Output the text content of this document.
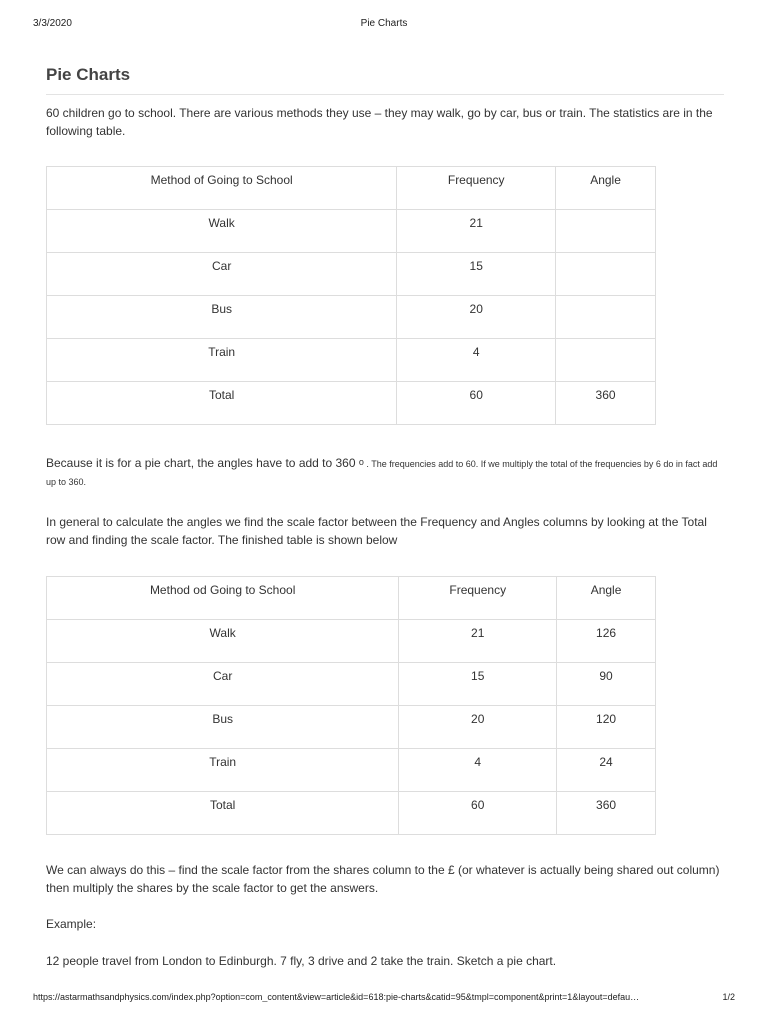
3/3/2020	Pie Charts
Pie Charts

60 children go to school. There are various methods they use – they may walk, go by car, bus or train. The statistics are in the following table.

Method of Going to School	Frequency	Angle
Walk	21	
Car	15	
Bus	20	
Train	4	
Total	60	360

Because it is for a pie chart, the angles have to add to 360 o . The frequencies add to 60. If we multiply the total of the frequencies by 6 do in fact add up to 360.

In general to calculate the angles we find the scale factor between the Frequency and Angles columns by looking at the Total row and finding the scale factor. The finished table is shown below

Method od Going to School	Frequency	Angle
Walk	21	126
Car	15	90
Bus	20	120
Train	4	24
Total	60	360

We can always do this – find the scale factor from the shares column to the £ (or whatever is actually being shared out column) then multiply the shares by the scale factor to get the answers.

Example:

12 people travel from London to Edinburgh. 7 fly, 3 drive and 2 take the train. Sketch a pie chart.

https://astarmathsandphysics.com/index.php?option=com_content&view=article&id=618:pie-charts&catid=95&tmpl=component&print=1&layout=defau…	1/2
